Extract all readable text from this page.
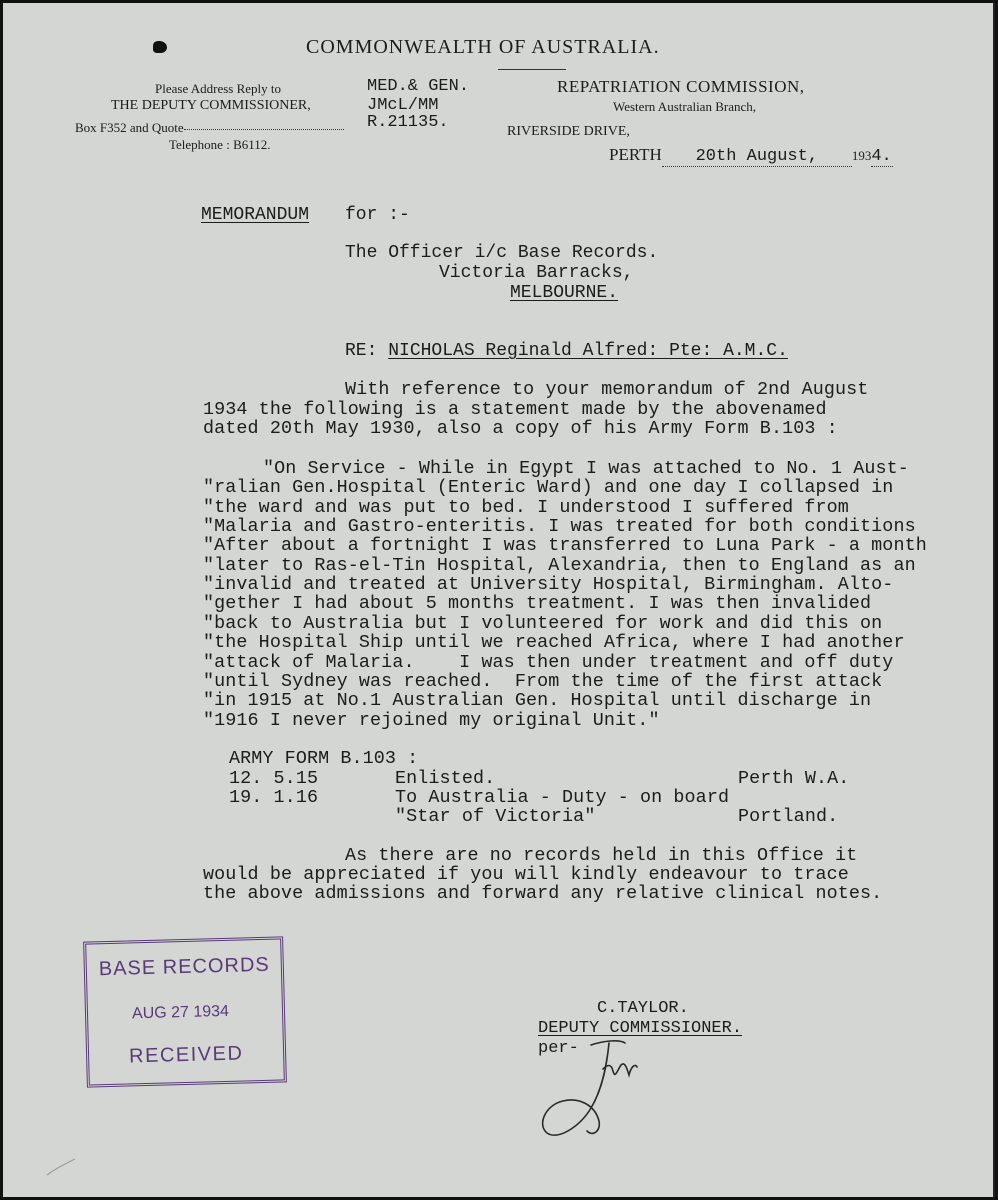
COMMONWEALTH OF AUSTRALIA.
Please Address Reply to
THE DEPUTY COMMISSIONER,
Box F352 and Quote
Telephone : B6112.
MED.& GEN.
JMcL/MM
R.21135.
REPATRIATION COMMISSION,
Western Australian Branch,
RIVERSIDE DRIVE,
PERTH 20th August,	1934.
MEMORANDUM for :-
The Officer i/c Base Records.
Victoria Barracks,
MELBOURNE.
RE: NICHOLAS Reginald Alfred: Pte: A.M.C.
With reference to your memorandum of 2nd August
1934 the following is a statement made by the abovenamed
dated 20th May 1930, also a copy of his Army Form B.103 :
"On Service - While in Egypt I was attached to No. 1 Aust-
"ralian Gen.Hospital (Enteric Ward) and one day I collapsed in
"the ward and was put to bed. I understood I suffered from
"Malaria and Gastro-enteritis. I was treated for both conditions
"After about a fortnight I was transferred to Luna Park - a month
"later to Ras-el-Tin Hospital, Alexandria, then to England as an
"invalid and treated at University Hospital, Birmingham. Alto-
"gether I had about 5 months treatment. I was then invalided
"back to Australia but I volunteered for work and did this on
"the Hospital Ship until we reached Africa, where I had another
"attack of Malaria.    I was then under treatment and off duty
"until Sydney was reached.  From the time of the first attack
"in 1915 at No.1 Australian Gen. Hospital until discharge in
"1916 I never rejoined my original Unit."
ARMY FORM B.103 :
12. 5.15	Enlisted.	Perth W.A.
19. 1.16	To Australia - Duty - on board
"Star of Victoria"	Portland.
As there are no records held in this Office it
would be appreciated if you will kindly endeavour to trace
the above admissions and forward any relative clinical notes.
BASE RECORDS
AUG 27 1934
RECEIVED
C.TAYLOR.
DEPUTY COMMISSIONER.
per-
